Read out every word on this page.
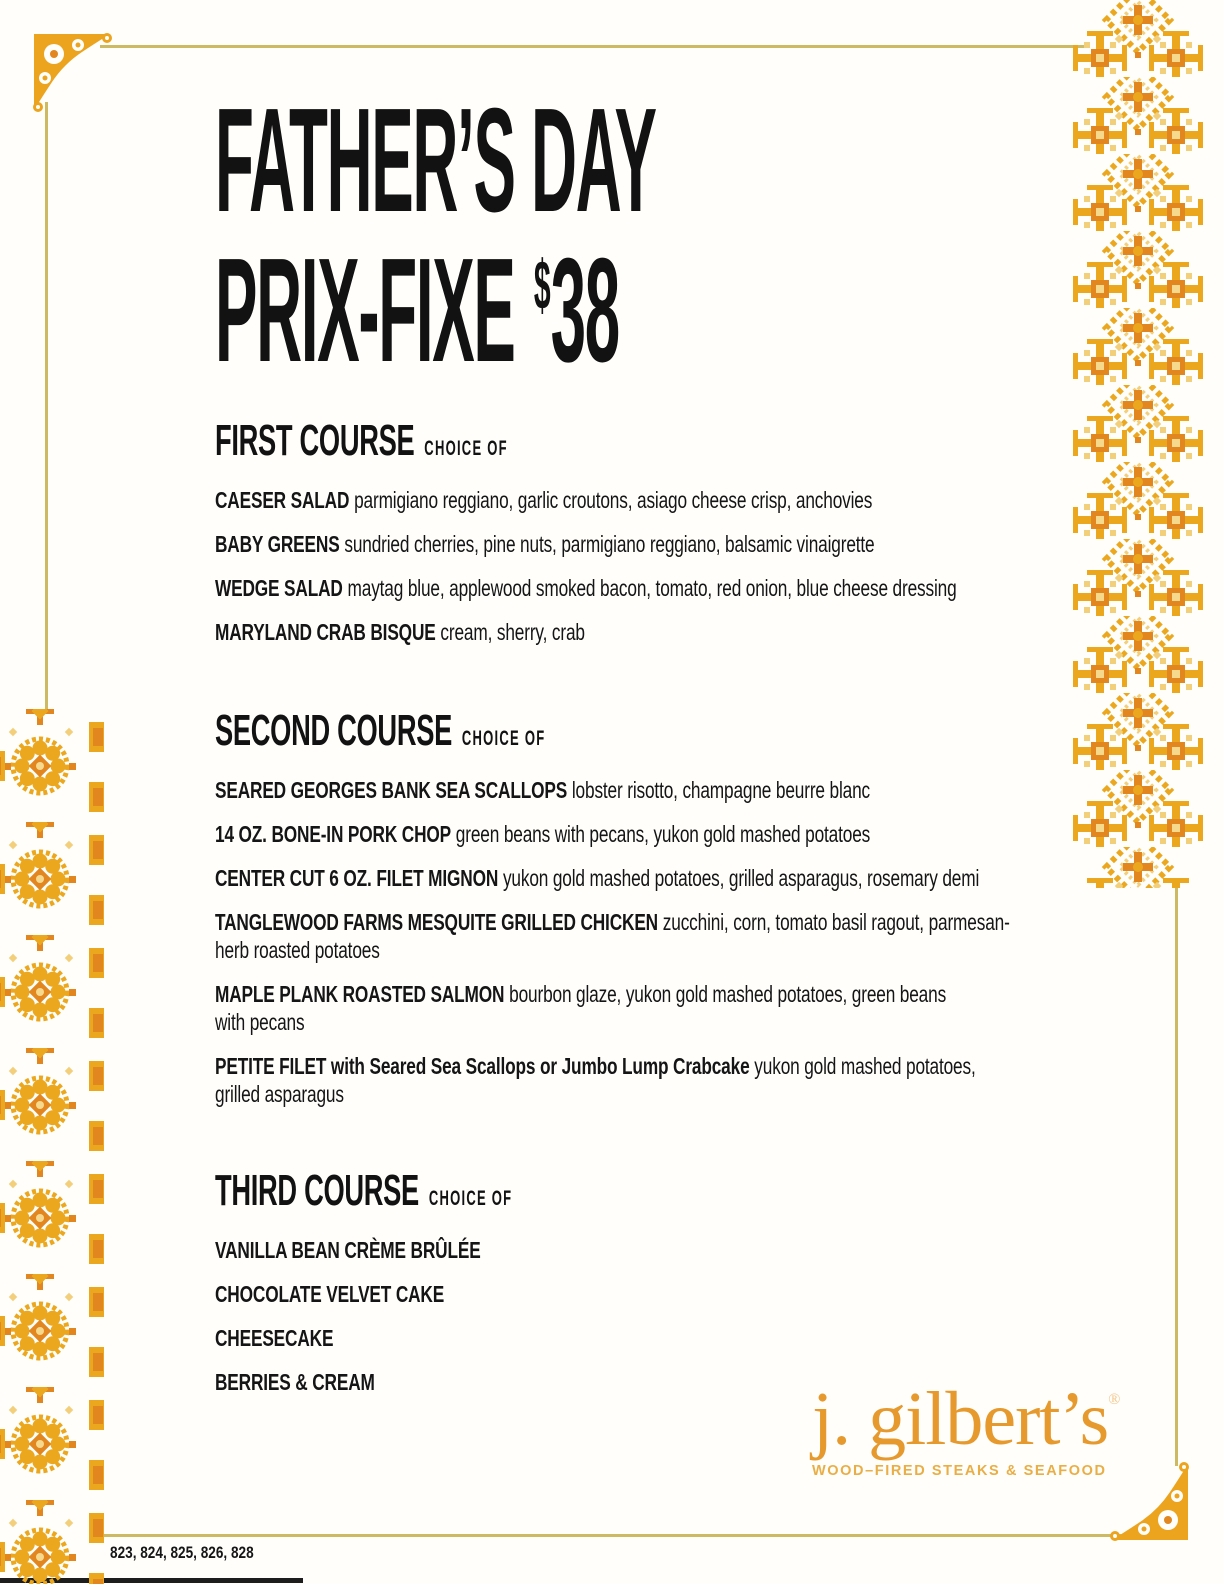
FATHER’S DAY
PRIX-FIXE $38
FIRST COURSE CHOICE OF

CAESER SALAD parmigiano reggiano, garlic croutons, asiago cheese crisp, anchovies

BABY GREENS sundried cherries, pine nuts, parmigiano reggiano, balsamic vinaigrette

WEDGE SALAD maytag blue, applewood smoked bacon, tomato, red onion, blue cheese dressing

MARYLAND CRAB BISQUE cream, sherry, crab

SECOND COURSE CHOICE OF

SEARED GEORGES BANK SEA SCALLOPS lobster risotto, champagne beurre blanc

14 OZ. BONE-IN PORK CHOP green beans with pecans, yukon gold mashed potatoes

CENTER CUT 6 OZ. FILET MIGNON yukon gold mashed potatoes, grilled asparagus, rosemary demi

TANGLEWOOD FARMS MESQUITE GRILLED CHICKEN zucchini, corn, tomato basil ragout, parmesan-
herb roasted potatoes

MAPLE PLANK ROASTED SALMON bourbon glaze, yukon gold mashed potatoes, green beans
with pecans

PETITE FILET with Seared Sea Scallops or Jumbo Lump Crabcake yukon gold mashed potatoes,
grilled asparagus

THIRD COURSE CHOICE OF

VANILLA BEAN CRÈME BRÛLÉE

CHOCOLATE VELVET CAKE

CHEESECAKE

BERRIES & CREAM	j. gilbert’s®
WOOD–FIRED STEAKS & SEAFOOD
823, 824, 825, 826, 828
